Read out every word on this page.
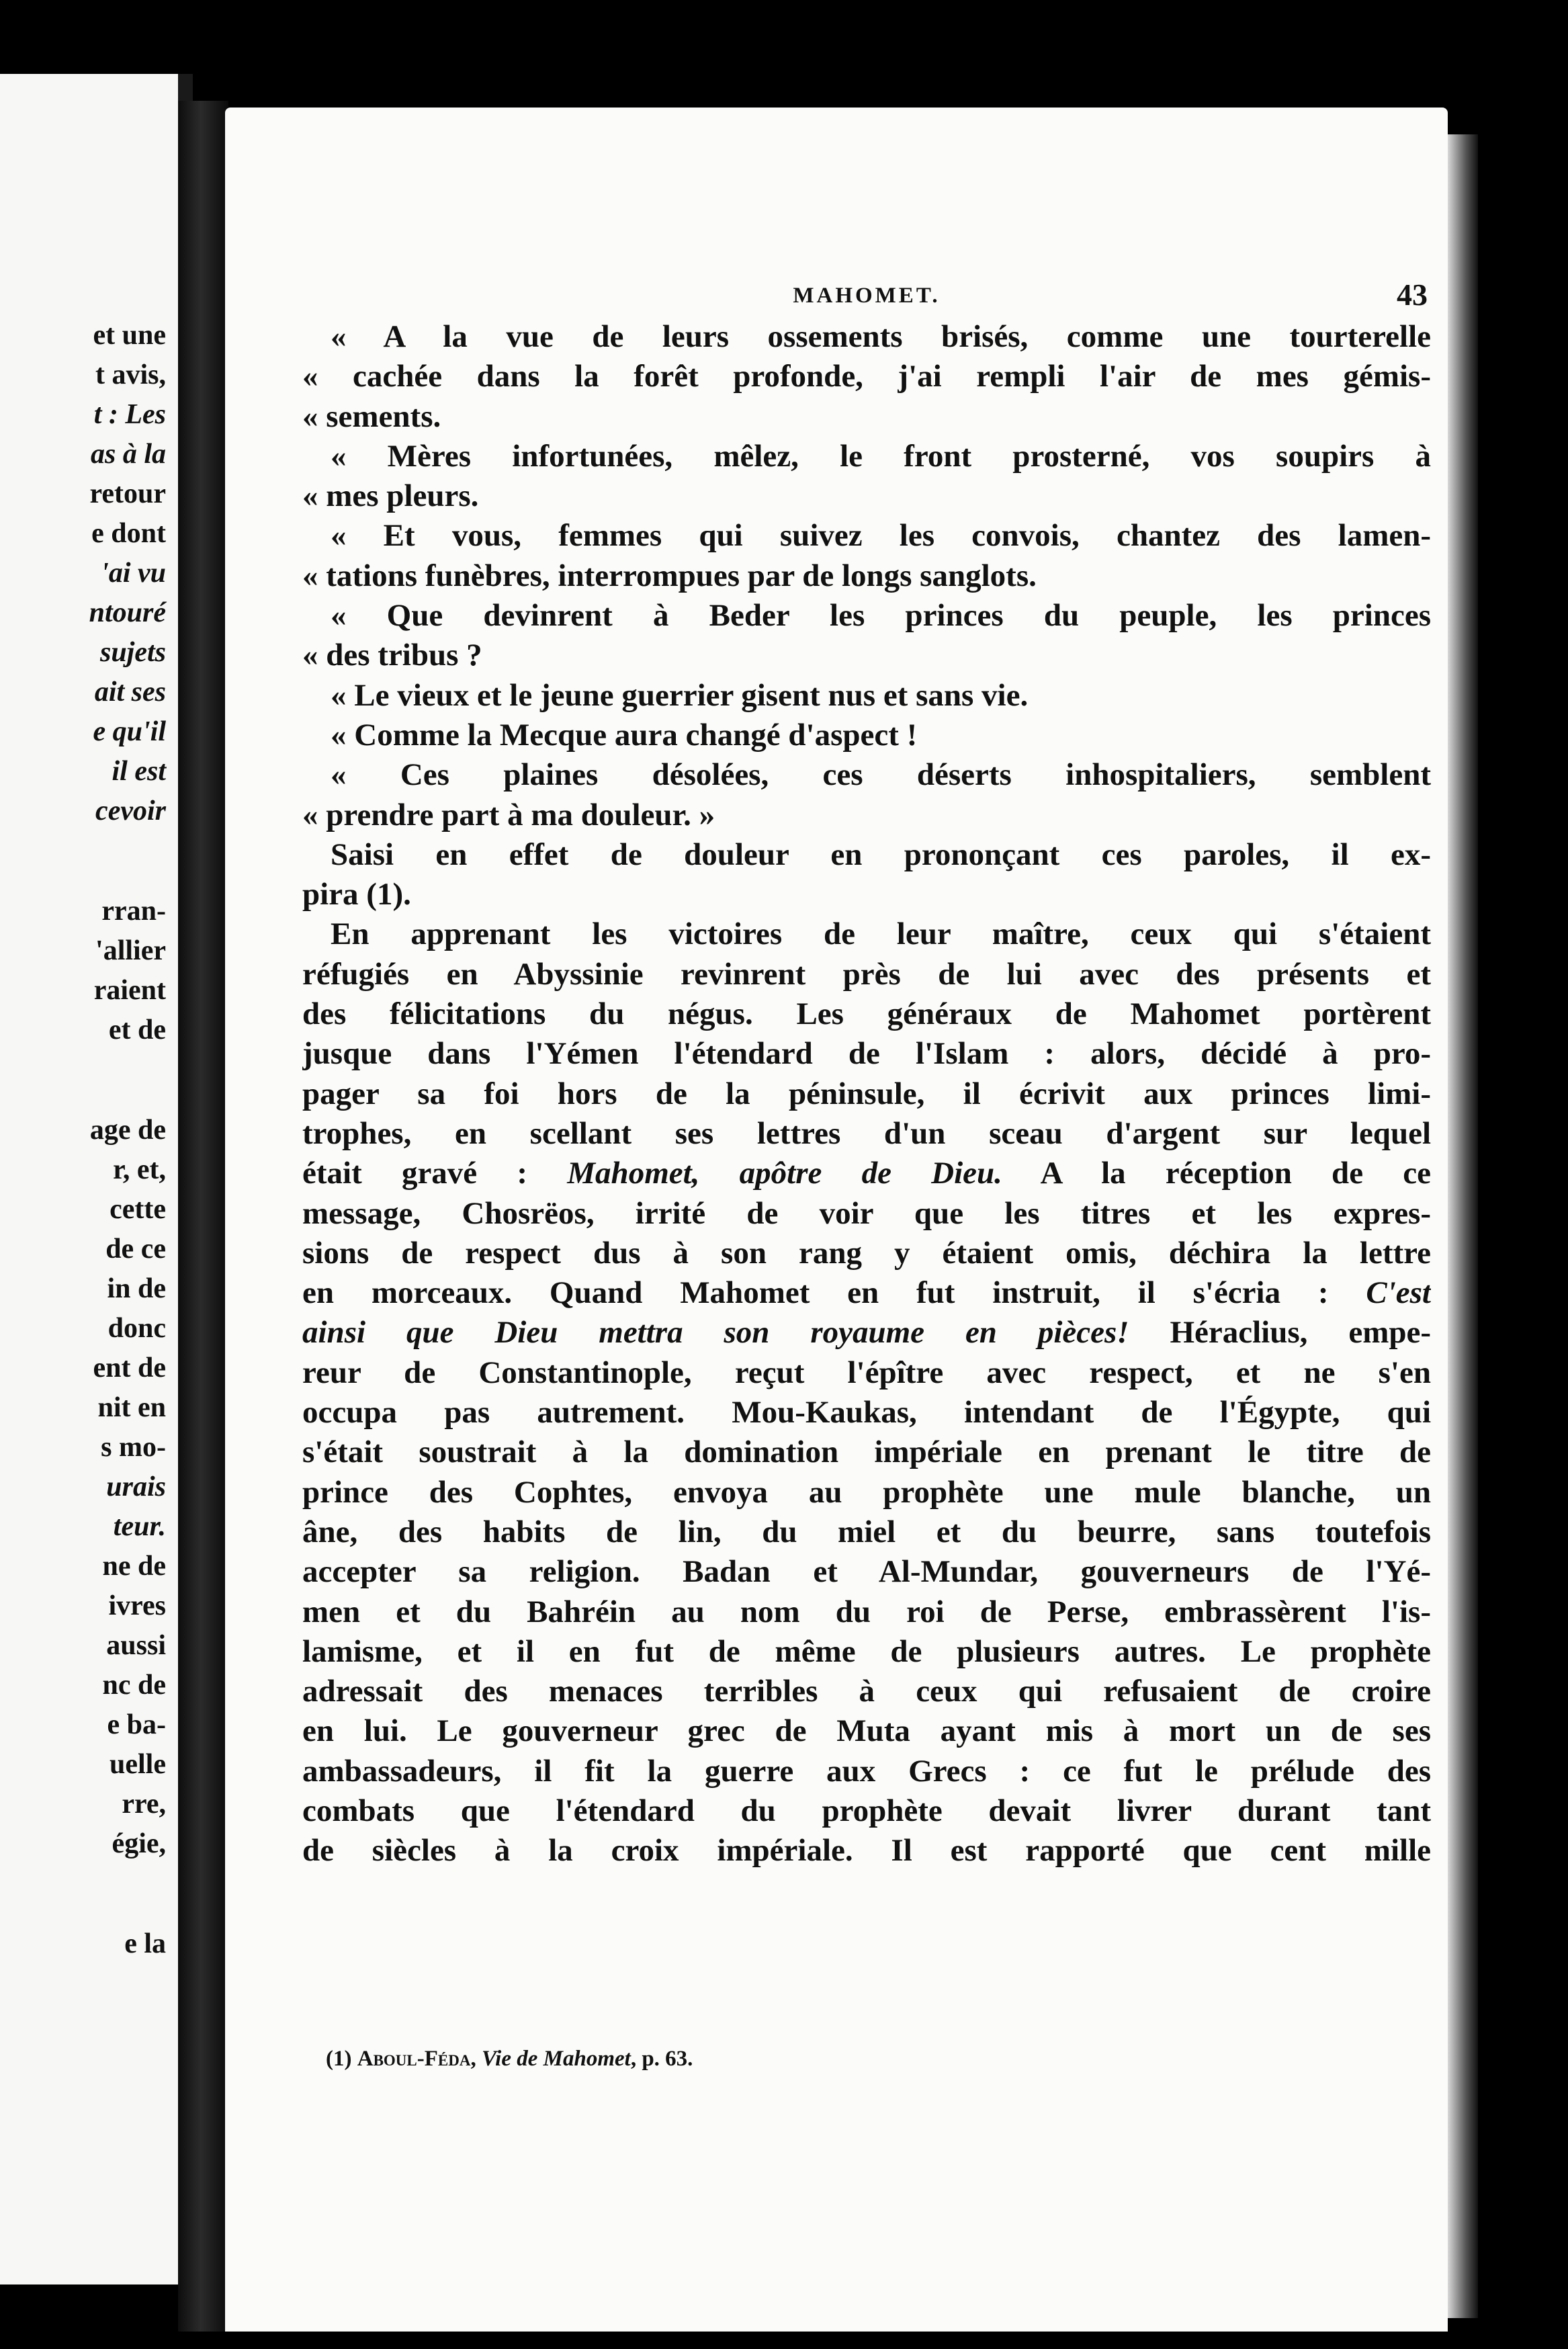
et une
t avis,
t : Les
as à la
retour
e dont
'ai vu
ntouré
sujets
ait ses
e qu'il
il est
cevoir
rran-
'allier
raient
et de
age de
r, et,
cette
de ce
in de
donc
ent de
nit en
s mo-
urais
teur.
ne de
ivres
aussi
nc de
e ba-
uelle
rre,
égie,
e la
MAHOMET.	43
« A la vue de leurs ossements brisés, comme une tourterelle
« cachée dans la forêt profonde, j'ai rempli l'air de mes gémis-
« sements.
« Mères infortunées, mêlez, le front prosterné, vos soupirs à
« mes pleurs.
« Et vous, femmes qui suivez les convois, chantez des lamen-
« tations funèbres, interrompues par de longs sanglots.
« Que devinrent à Beder les princes du peuple, les princes
« des tribus ?
« Le vieux et le jeune guerrier gisent nus et sans vie.
« Comme la Mecque aura changé d'aspect !
« Ces plaines désolées, ces déserts inhospitaliers, semblent
« prendre part à ma douleur. »
Saisi en effet de douleur en prononçant ces paroles, il ex-
pira (1).
En apprenant les victoires de leur maître, ceux qui s'étaient
réfugiés en Abyssinie revinrent près de lui avec des présents et
des félicitations du négus. Les généraux de Mahomet portèrent
jusque dans l'Yémen l'étendard de l'Islam : alors, décidé à pro-
pager sa foi hors de la péninsule, il écrivit aux princes limi-
trophes, en scellant ses lettres d'un sceau d'argent sur lequel
était gravé : Mahomet, apôtre de Dieu. A la réception de ce
message, Chosrëos, irrité de voir que les titres et les expres-
sions de respect dus à son rang y étaient omis, déchira la lettre
en morceaux. Quand Mahomet en fut instruit, il s'écria : C'est
ainsi que Dieu mettra son royaume en pièces! Héraclius, empe-
reur de Constantinople, reçut l'épître avec respect, et ne s'en
occupa pas autrement. Mou-Kaukas, intendant de l'Égypte, qui
s'était soustrait à la domination impériale en prenant le titre de
prince des Cophtes, envoya au prophète une mule blanche, un
âne, des habits de lin, du miel et du beurre, sans toutefois
accepter sa religion. Badan et Al-Mundar, gouverneurs de l'Yé-
men et du Bahréin au nom du roi de Perse, embrassèrent l'is-
lamisme, et il en fut de même de plusieurs autres. Le prophète
adressait des menaces terribles à ceux qui refusaient de croire
en lui. Le gouverneur grec de Muta ayant mis à mort un de ses
ambassadeurs, il fit la guerre aux Grecs : ce fut le prélude des
combats que l'étendard du prophète devait livrer durant tant
de siècles à la croix impériale. Il est rapporté que cent mille
(1) Aboul-Féda, Vie de Mahomet, p. 63.
